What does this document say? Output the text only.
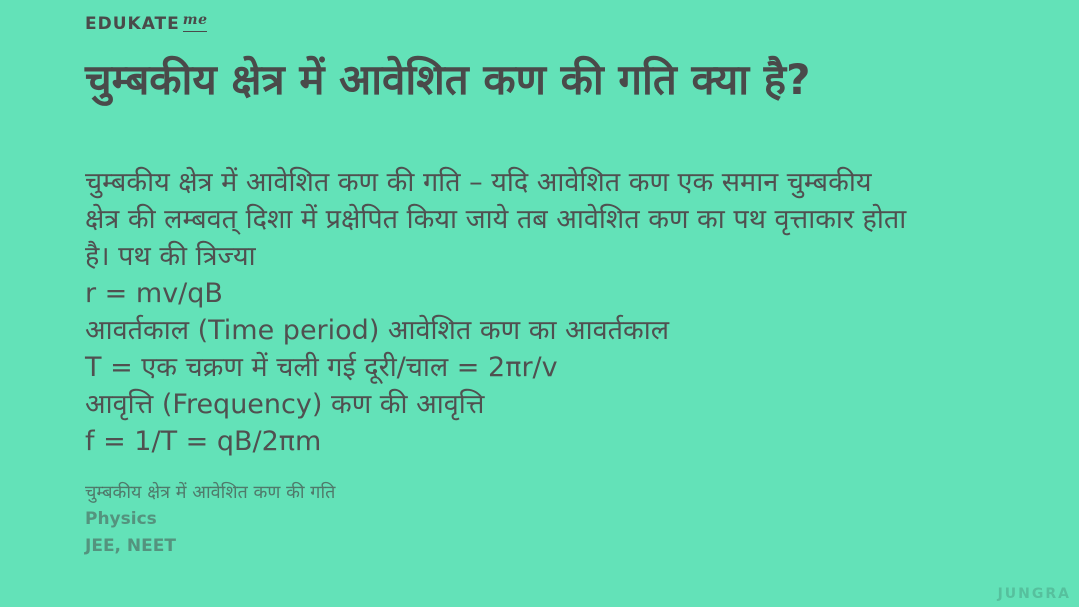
EDUKATE me
चुम्बकीय क्षेत्र में आवेशित कण की गति क्या है?
चुम्बकीय क्षेत्र में आवेशित कण की गति – यदि आवेशित कण एक समान चुम्बकीय
क्षेत्र की लम्बवत् दिशा में प्रक्षेपित किया जाये तब आवेशित कण का पथ वृत्ताकार होता
है। पथ की त्रिज्या
r = mv/qB
आवर्तकाल (Time period) आवेशित कण का आवर्तकाल
T = एक चक्रण में चली गई दूरी/चाल = 2πr/v
आवृत्ति (Frequency) कण की आवृत्ति
f = 1/T = qB/2πm
चुम्बकीय क्षेत्र में आवेशित कण की गति
Physics
JEE, NEET
JUNGRA
